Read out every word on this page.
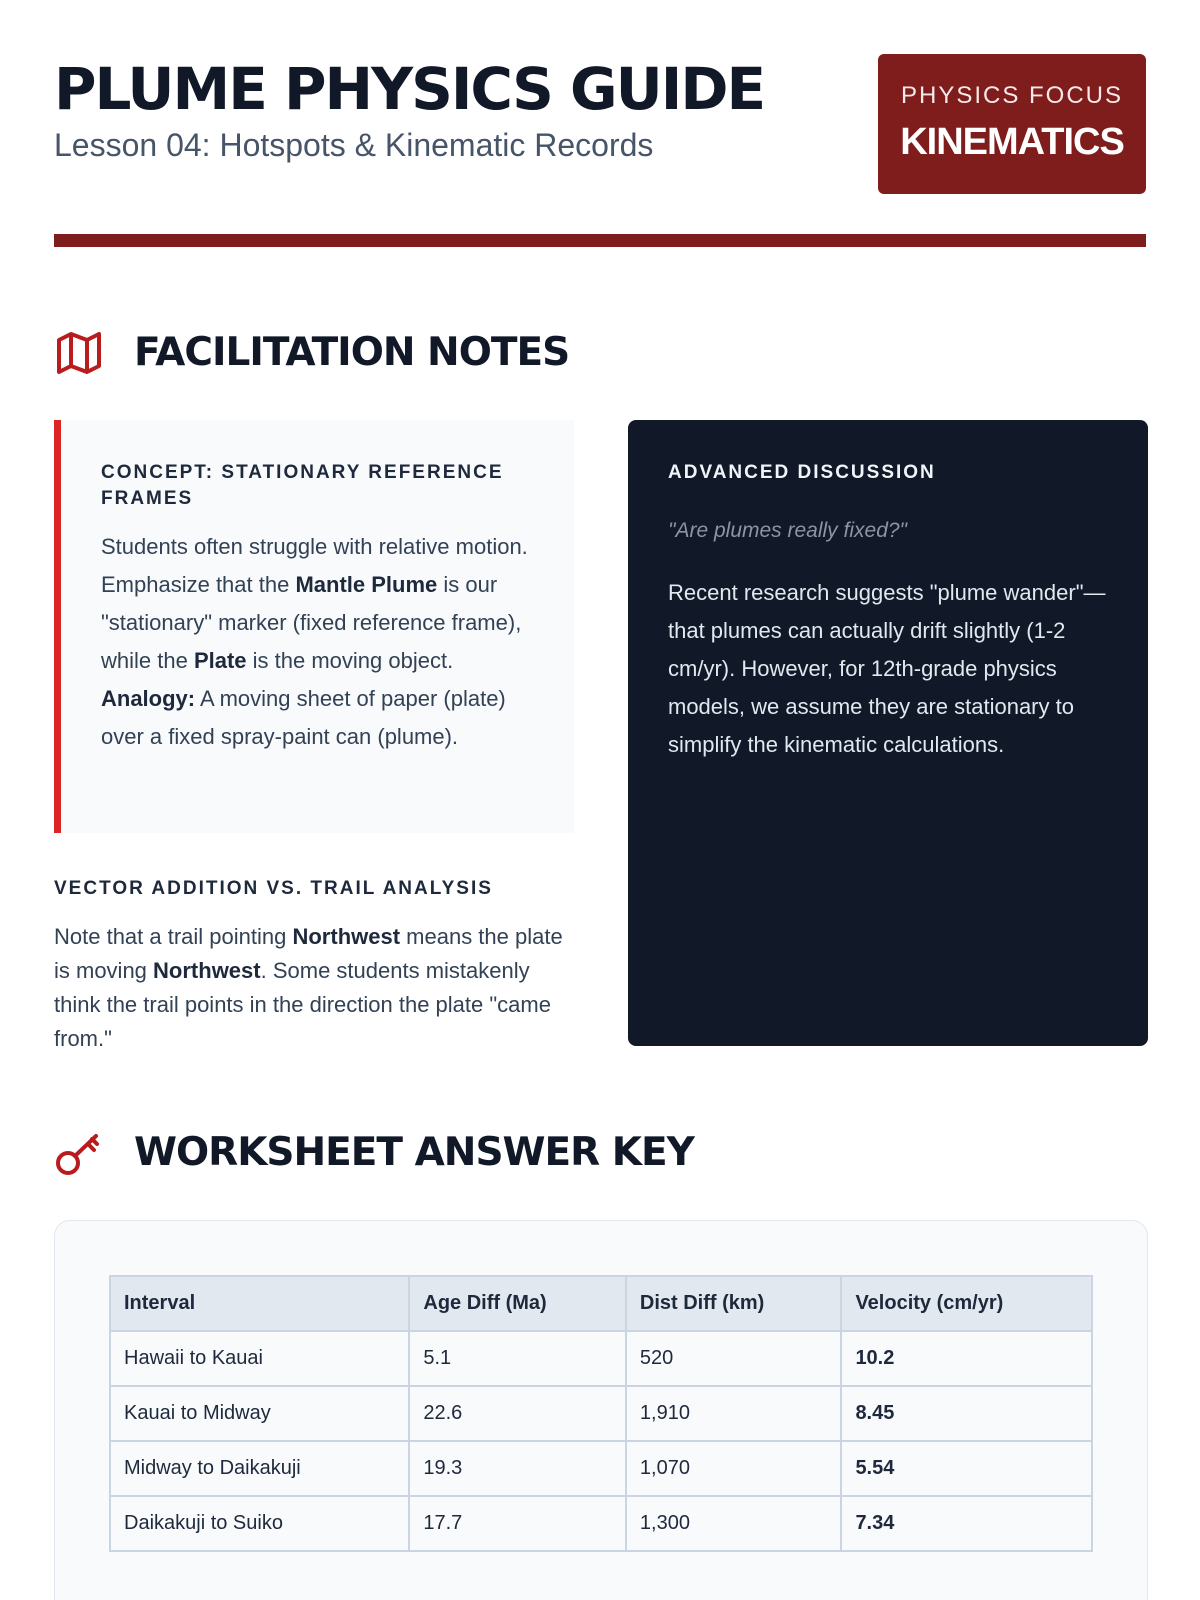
PLUME PHYSICS GUIDE
Lesson 04: Hotspots & Kinematic Records
PHYSICS FOCUS
KINEMATICS
FACILITATION NOTES
CONCEPT: STATIONARY REFERENCE FRAMES

Students often struggle with relative motion. Emphasize that the Mantle Plume is our "stationary" marker (fixed reference frame), while the Plate is the moving object. Analogy: A moving sheet of paper (plate) over a fixed spray-paint can (plume).

VECTOR ADDITION VS. TRAIL ANALYSIS

Note that a trail pointing Northwest means the plate is moving Northwest. Some students mistakenly think the trail points in the direction the plate "came from."

ADVANCED DISCUSSION
"Are plumes really fixed?"

Recent research suggests "plume wander"—that plumes can actually drift slightly (1-2 cm/yr). However, for 12th-grade physics models, we assume they are stationary to simplify the kinematic calculations.

WORKSHEET ANSWER KEY
Interval	Age Diff (Ma)	Dist Diff (km)	Velocity (cm/yr)
Hawaii to Kauai	5.1	520	10.2
Kauai to Midway	22.6	1,910	8.45
Midway to Daikakuji	19.3	1,070	5.54
Daikakuji to Suiko	17.7	1,300	7.34
